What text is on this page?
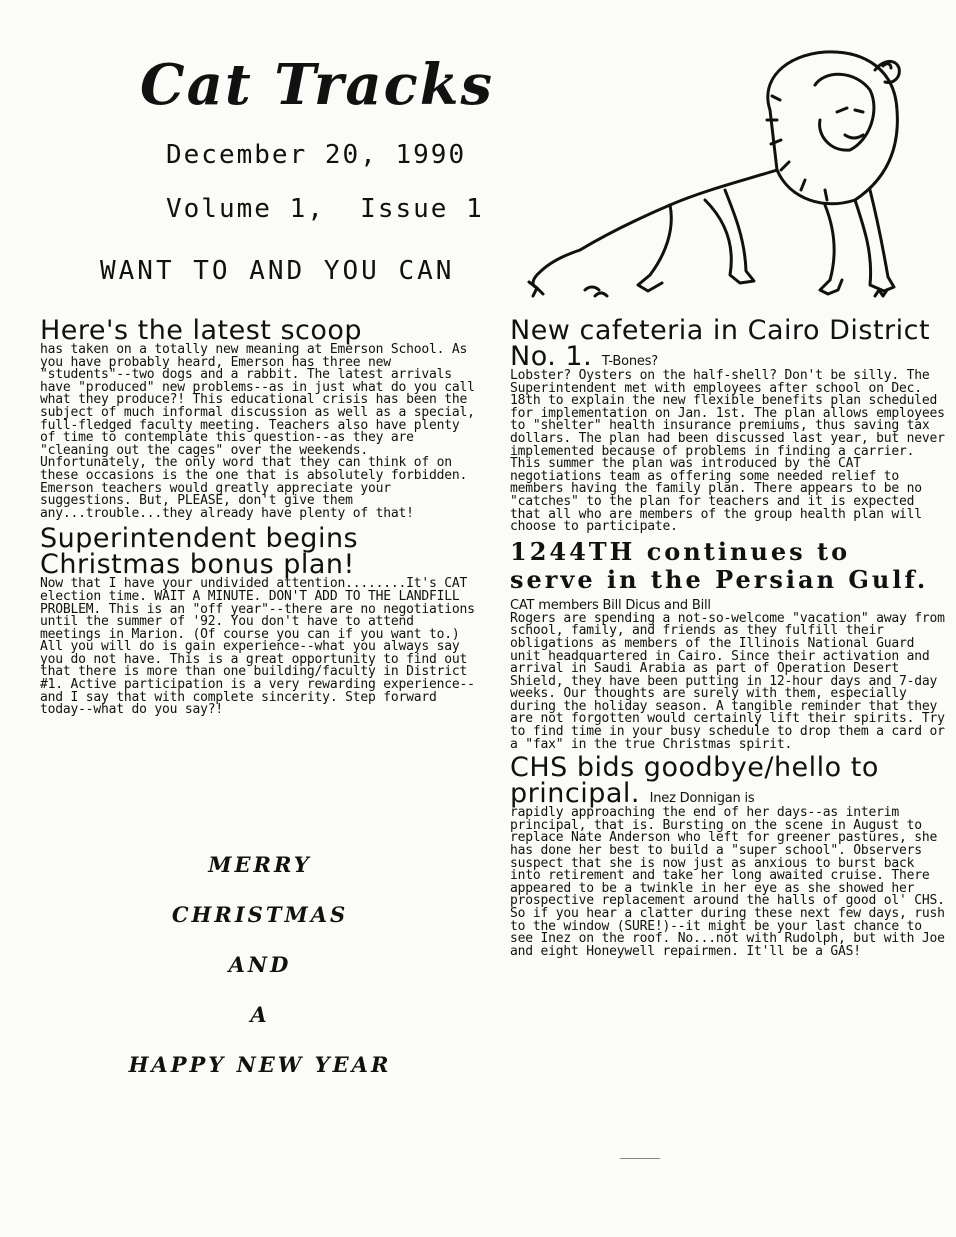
Cat Tracks
December 20, 1990
Volume 1,  Issue 1
WANT TO AND YOU CAN
Here's the latest scoop
has taken on a totally new meaning at Emerson School. As you have probably heard, Emerson has three new "students"--two dogs and a rabbit. The latest arrivals have "produced" new problems--as in just what do you call what they produce?! This educational crisis has been the subject of much informal discussion as well as a special, full-fledged faculty meeting. Teachers also have plenty of time to contemplate this question--as they are "cleaning out the cages" over the weekends. Unfortunately, the only word that they can think of on these occasions is the one that is absolutely forbidden. Emerson teachers would greatly appreciate your suggestions. But, PLEASE, don't give them any...trouble...they already have plenty of that!
Superintendent begins Christmas bonus plan!
Now that I have your undivided attention........It's CAT election time. WAIT A MINUTE. DON'T ADD TO THE LANDFILL PROBLEM. This is an "off year"--there are no negotiations until the summer of '92. You don't have to attend meetings in Marion. (Of course you can if you want to.) All you will do is gain experience--what you always say you do not have. This is a great opportunity to find out that there is more than one building/faculty in District #1. Active participation is a very rewarding experience--and I say that with complete sincerity. Step forward today--what do you say?!
MERRY
CHRISTMAS
AND
A
HAPPY NEW YEAR
New cafeteria in Cairo District No. 1. T-Bones?
Lobster? Oysters on the half-shell? Don't be silly. The Superintendent met with employees after school on Dec. 18th to explain the new flexible benefits plan scheduled for implementation on Jan. 1st. The plan allows employees to "shelter" health insurance premiums, thus saving tax dollars. The plan had been discussed last year, but never implemented because of problems in finding a carrier. This summer the plan was introduced by the CAT negotiations team as offering some needed relief to members having the family plan. There appears to be no "catches" to the plan for teachers and it is expected that all who are members of the group health plan will choose to participate.
1244TH continues to serve in the Persian Gulf. CAT members Bill Dicus and Bill
Rogers are spending a not-so-welcome "vacation" away from school, family, and friends as they fulfill their obligations as members of the Illinois National Guard unit headquartered in Cairo. Since their activation and arrival in Saudi Arabia as part of Operation Desert Shield, they have been putting in 12-hour days and 7-day weeks. Our thoughts are surely with them, especially during the holiday season. A tangible reminder that they are not forgotten would certainly lift their spirits. Try to find time in your busy schedule to drop them a card or a "fax" in the true Christmas spirit.
CHS bids goodbye/hello to principal. Inez Donnigan is
rapidly approaching the end of her days--as interim principal, that is. Bursting on the scene in August to replace Nate Anderson who left for greener pastures, she has done her best to build a "super school". Observers suspect that she is now just as anxious to burst back into retirement and take her long awaited cruise. There appeared to be a twinkle in her eye as she showed her prospective replacement around the halls of good ol' CHS. So if you hear a clatter during these next few days, rush to the window (SURE!)--it might be your last chance to see Inez on the roof. No...not with Rudolph, but with Joe and eight Honeywell repairmen. It'll be a GAS!
